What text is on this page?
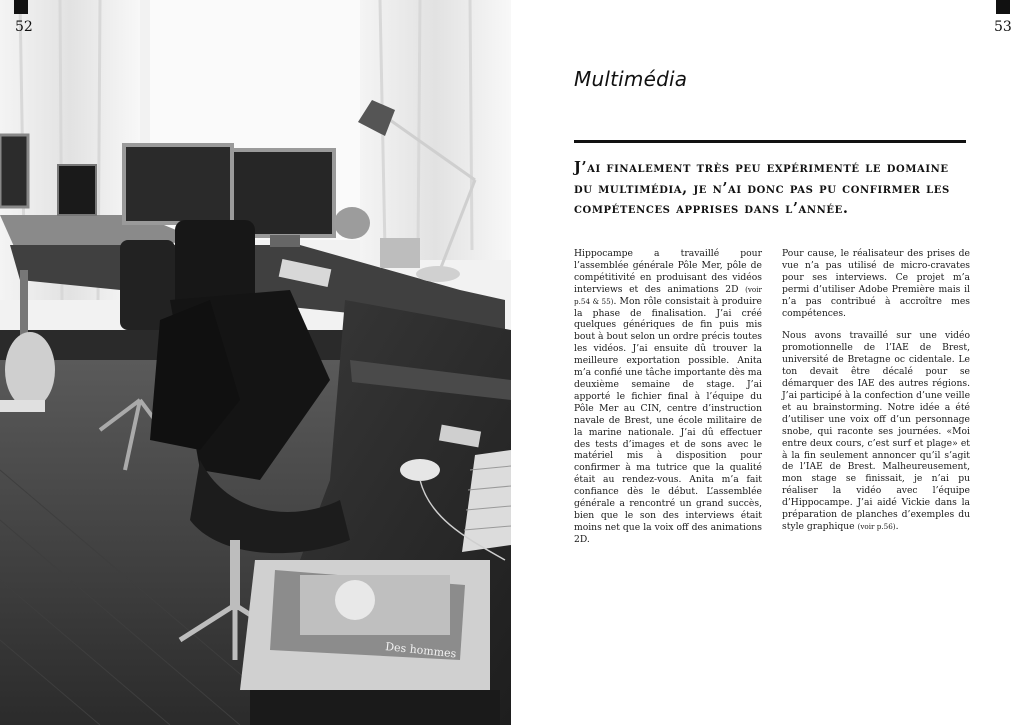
Des hommes
52	53
Multimédia

J’ai finalement très peu expérimenté le domaine du multimédia, je n’ai donc pas pu confirmer les compétences apprises dans l’année.

Hippocampe a travaillé pour l’assemblée générale Pôle Mer, pôle de compétitivité en produisant des vidéos interviews et des animations 2D (voir p.54 & 55). Mon rôle consistait à produire la phase de finalisation. J’ai créé quelques génériques de fin puis mis bout à bout selon un ordre précis toutes les vidéos. J’ai ensuite dû trouver la meilleure exportation possible. Anita m’a confié une tâche importante dès ma deuxième semaine de stage. J’ai apporté le fichier final à l’équipe du Pôle Mer au CIN, centre d’instruction navale de Brest, une école militaire de la marine nationale. J’ai dû effectuer des tests d’images et de sons avec le matériel mis à disposition pour confirmer à ma tutrice que la qualité était au rendez-vous. Anita m’a fait confiance dès le début. L’assemblée générale a rencontré un grand succès, bien que le son des interviews était moins net que la voix off des animations 2D.

Pour cause, le réalisateur des prises de vue n’a pas utilisé de micro-cravates pour ses interviews. Ce projet m’a permi d’utiliser Adobe Première mais il n’a pas contribué à accroître mes compétences.

Nous avons travaillé sur une vidéo promotionnelle de l’IAE de Brest, université de Bretagne oc cidentale. Le ton devait être décalé pour se démarquer des IAE des autres régions. J’ai participé à la confection d’une veille et au brainstorming. Notre idée a été d’utiliser une voix off d’un personnage snobe, qui raconte ses journées. «Moi entre deux cours, c’est surf et plage» et à la fin seulement annoncer qu’il s’agit de l’IAE de Brest. Malheureusement, mon stage se finissait, je n’ai pu réaliser la vidéo avec l’équipe d’Hippocampe. J’ai aidé Vickie dans la préparation de planches d’exemples du style graphique (voir p.56).
